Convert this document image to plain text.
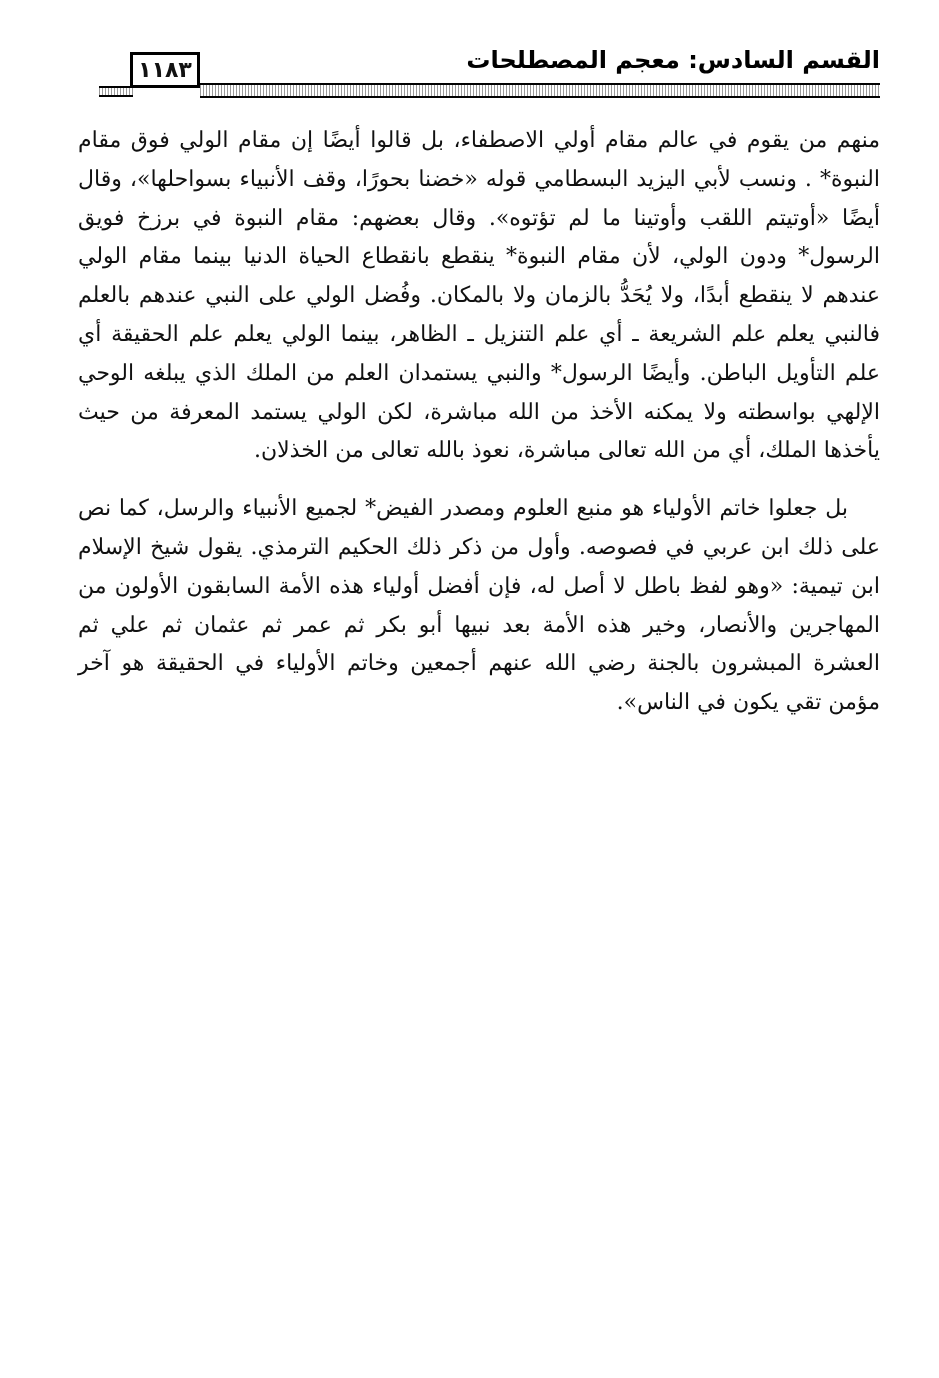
القسم السادس: معجم المصطلحات
١١٨٣

منهم من يقوم في عالم مقام أولي الاصطفاء، بل قالوا أيضًا إن مقام الولي فوق مقام النبوة* . ونسب لأبي اليزيد البسطامي قوله «خضنا بحورًا، وقف الأنبياء بسواحلها»، وقال أيضًا «أوتيتم اللقب وأوتينا ما لم تؤتوه». وقال بعضهم: مقام النبوة في برزخ فويق الرسول* ودون الولي، لأن مقام النبوة* ينقطع بانقطاع الحياة الدنيا بينما مقام الولي عندهم لا ينقطع أبدًا، ولا يُحَدُّ بالزمان ولا بالمكان. وفُضل الولي على النبي عندهم بالعلم فالنبي يعلم علم الشريعة ـ أي علم التنزيل ـ الظاهر، بينما الولي يعلم علم الحقيقة أي علم التأويل الباطن. وأيضًا الرسول* والنبي يستمدان العلم من الملك الذي يبلغه الوحي الإلهي بواسطته ولا يمكنه الأخذ من الله مباشرة، لكن الولي يستمد المعرفة من حيث يأخذها الملك، أي من الله تعالى مباشرة، نعوذ بالله تعالى من الخذلان.

بل جعلوا خاتم الأولياء هو منبع العلوم ومصدر الفيض* لجميع الأنبياء والرسل، كما نص على ذلك ابن عربي في فصوصه. وأول من ذكر ذلك الحكيم الترمذي. يقول شيخ الإسلام ابن تيمية: «وهو لفظ باطل لا أصل له، فإن أفضل أولياء هذه الأمة السابقون الأولون من المهاجرين والأنصار، وخير هذه الأمة بعد نبيها أبو بكر ثم عمر ثم عثمان ثم علي ثم العشرة المبشرون بالجنة رضي الله عنهم أجمعين وخاتم الأولياء في الحقيقة هو آخر مؤمن تقي يكون في الناس».
